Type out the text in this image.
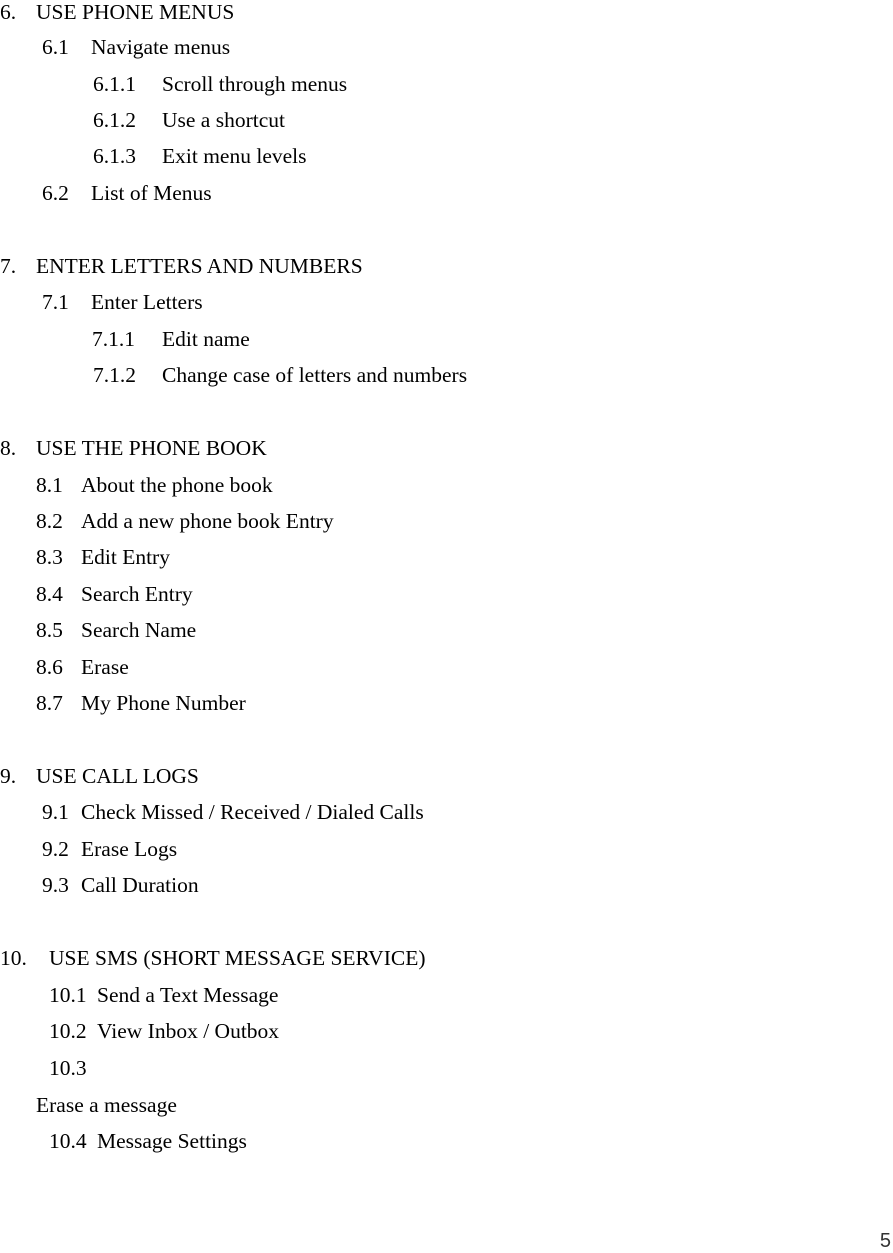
6. USE PHONE MENUS
6.1 Navigate menus
6.1.1 Scroll through menus
6.1.2 Use a shortcut
6.1.3 Exit menu levels
6.2 List of Menus
7. ENTER LETTERS AND NUMBERS
7.1 Enter Letters
7.1.1 Edit name
7.1.2 Change case of letters and numbers
8. USE THE PHONE BOOK
8.1 About the phone book
8.2 Add a new phone book Entry
8.3 Edit Entry
8.4 Search Entry
8.5 Search Name
8.6 Erase
8.7 My Phone Number
9. USE CALL LOGS
9.1 Check Missed / Received / Dialed Calls
9.2 Erase Logs
9.3 Call Duration
10. USE SMS (SHORT MESSAGE SERVICE)
10.1 Send a Text Message
10.2 View Inbox / Outbox
10.3
Erase a message
10.4 Message Settings
5
